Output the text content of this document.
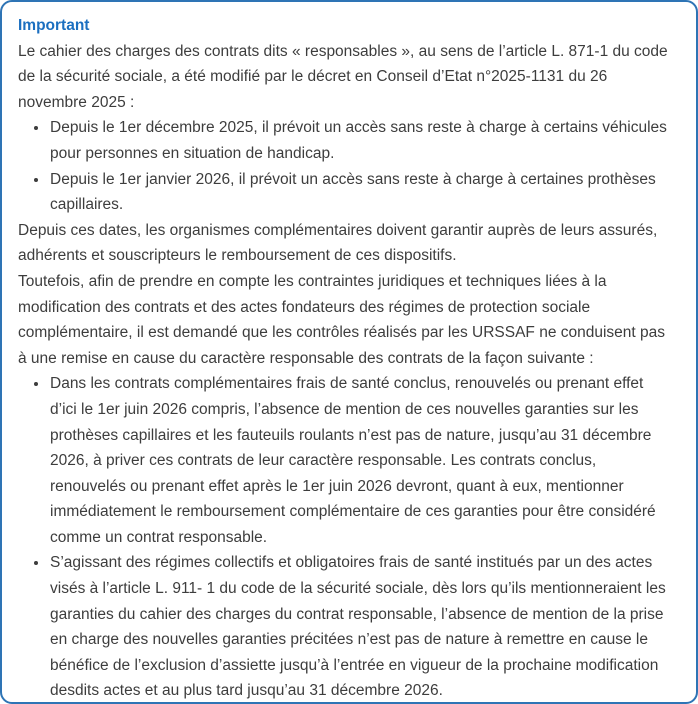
Important

Le cahier des charges des contrats dits « responsables », au sens de l’article L. 871-1 du code de la sécurité sociale, a été modifié par le décret en Conseil d’Etat n°2025-1131 du 26 novembre 2025 :

• Depuis le 1er décembre 2025, il prévoit un accès sans reste à charge à certains véhicules pour personnes en situation de handicap.
• Depuis le 1er janvier 2026, il prévoit un accès sans reste à charge à certaines prothèses capillaires.

Depuis ces dates, les organismes complémentaires doivent garantir auprès de leurs assurés, adhérents et souscripteurs le remboursement de ces dispositifs.

Toutefois, afin de prendre en compte les contraintes juridiques et techniques liées à la modification des contrats et des actes fondateurs des régimes de protection sociale complémentaire, il est demandé que les contrôles réalisés par les URSSAF ne conduisent pas à une remise en cause du caractère responsable des contrats de la façon suivante :

• Dans les contrats complémentaires frais de santé conclus, renouvelés ou prenant effet d’ici le 1er juin 2026 compris, l’absence de mention de ces nouvelles garanties sur les prothèses capillaires et les fauteuils roulants n’est pas de nature, jusqu’au 31 décembre 2026, à priver ces contrats de leur caractère responsable. Les contrats conclus, renouvelés ou prenant effet après le 1er juin 2026 devront, quant à eux, mentionner immédiatement le remboursement complémentaire de ces garanties pour être considéré comme un contrat responsable.
• S’agissant des régimes collectifs et obligatoires frais de santé institués par un des actes visés à l’article L. 911- 1 du code de la sécurité sociale, dès lors qu’ils mentionneraient les garanties du cahier des charges du contrat responsable, l’absence de mention de la prise en charge des nouvelles garanties précitées n’est pas de nature à remettre en cause le bénéfice de l’exclusion d’assiette jusqu’à l’entrée en vigueur de la prochaine modification desdits actes et au plus tard jusqu’au 31 décembre 2026.
